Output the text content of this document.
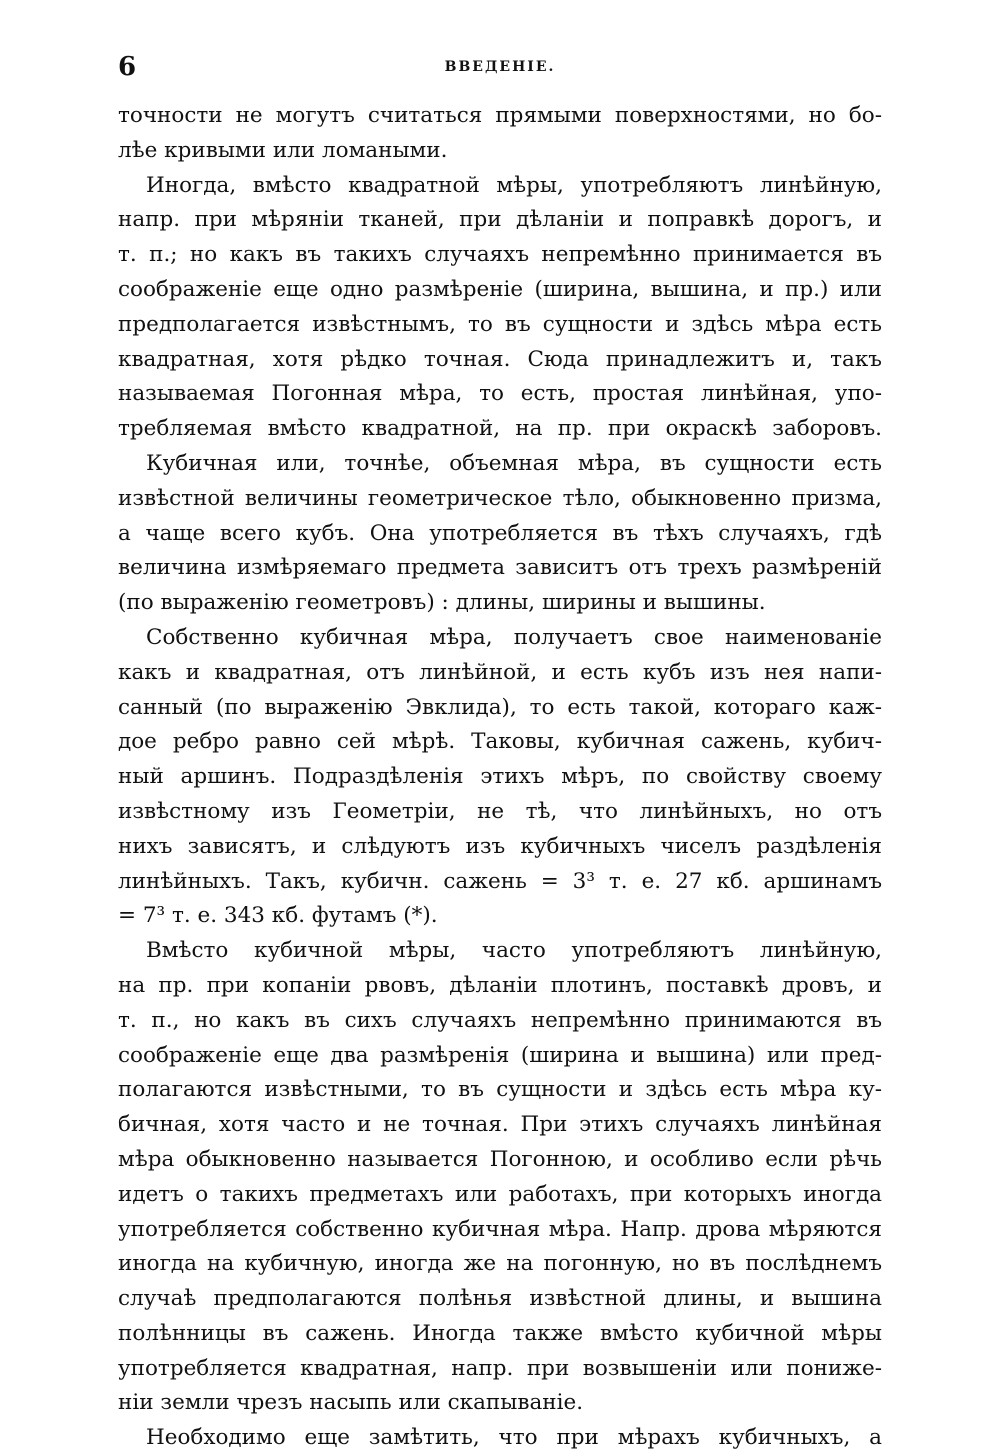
6	ВВЕДЕНІЕ.
точности не могутъ считаться прямыми поверхностями, но бо-
лѣе кривыми или ломаными.
Иногда, вмѣсто квадратной мѣры, употребляютъ линѣйную,
напр. при мѣряніи тканей, при дѣланіи и поправкѣ дорогъ, и
т. п.; но какъ въ такихъ случаяхъ непремѣнно принимается въ
соображеніе еще одно размѣреніе (ширина, вышина, и пр.) или
предполагается извѣстнымъ, то въ сущности и здѣсь мѣра есть
квадратная, хотя рѣдко точная. Сюда принадлежитъ и, такъ
называемая Погонная мѣра, то есть, простая линѣйная, упо-
требляемая вмѣсто квадратной, на пр. при окраскѣ заборовъ.
Кубичная или, точнѣе, объемная мѣра, въ сущности есть
извѣстной величины геометрическое тѣло, обыкновенно призма,
а чаще всего кубъ. Она употребляется въ тѣхъ случаяхъ, гдѣ
величина измѣряемаго предмета зависитъ отъ трехъ размѣреній
(по выраженію геометровъ) : длины, ширины и вышины.
Собственно кубичная мѣра, получаетъ свое наименованіе
какъ и квадратная, отъ линѣйной, и есть кубъ изъ нея напи-
санный (по выраженію Эвклида), то есть такой, котораго каж-
дое ребро равно сей мѣрѣ. Таковы, кубичная сажень, кубич-
ный аршинъ. Подраздѣленія этихъ мѣръ, по свойству своему
извѣстному изъ Геометріи, не тѣ, что линѣйныхъ, но отъ
нихъ зависятъ, и слѣдуютъ изъ кубичныхъ чиселъ раздѣленія
линѣйныхъ. Такъ, кубичн. сажень = 3³ т. е. 27 кб. аршинамъ
= 7³ т. е. 343 кб. футамъ (*).
Вмѣсто кубичной мѣры, часто употребляютъ линѣйную,
на пр. при копаніи рвовъ, дѣланіи плотинъ, поставкѣ дровъ, и
т. п., но какъ въ сихъ случаяхъ непремѣнно принимаются въ
соображеніе еще два размѣренія (ширина и вышина) или пред-
полагаются извѣстными, то въ сущности и здѣсь есть мѣра ку-
бичная, хотя часто и не точная. При этихъ случаяхъ линѣйная
мѣра обыкновенно называется Погонною, и особливо если рѣчь
идетъ о такихъ предметахъ или работахъ, при которыхъ иногда
употребляется собственно кубичная мѣра. Напр. дрова мѣряются
иногда на кубичную, иногда же на погонную, но въ послѣднемъ
случаѣ предполагаются полѣнья извѣстной длины, и вышина
полѣнницы въ сажень. Иногда также вмѣсто кубичной мѣры
употребляется квадратная, напр. при возвышеніи или пониже-
ніи земли чрезъ насыпь или скапываніе.
Необходимо еще замѣтить, что при мѣрахъ кубичныхъ, а
